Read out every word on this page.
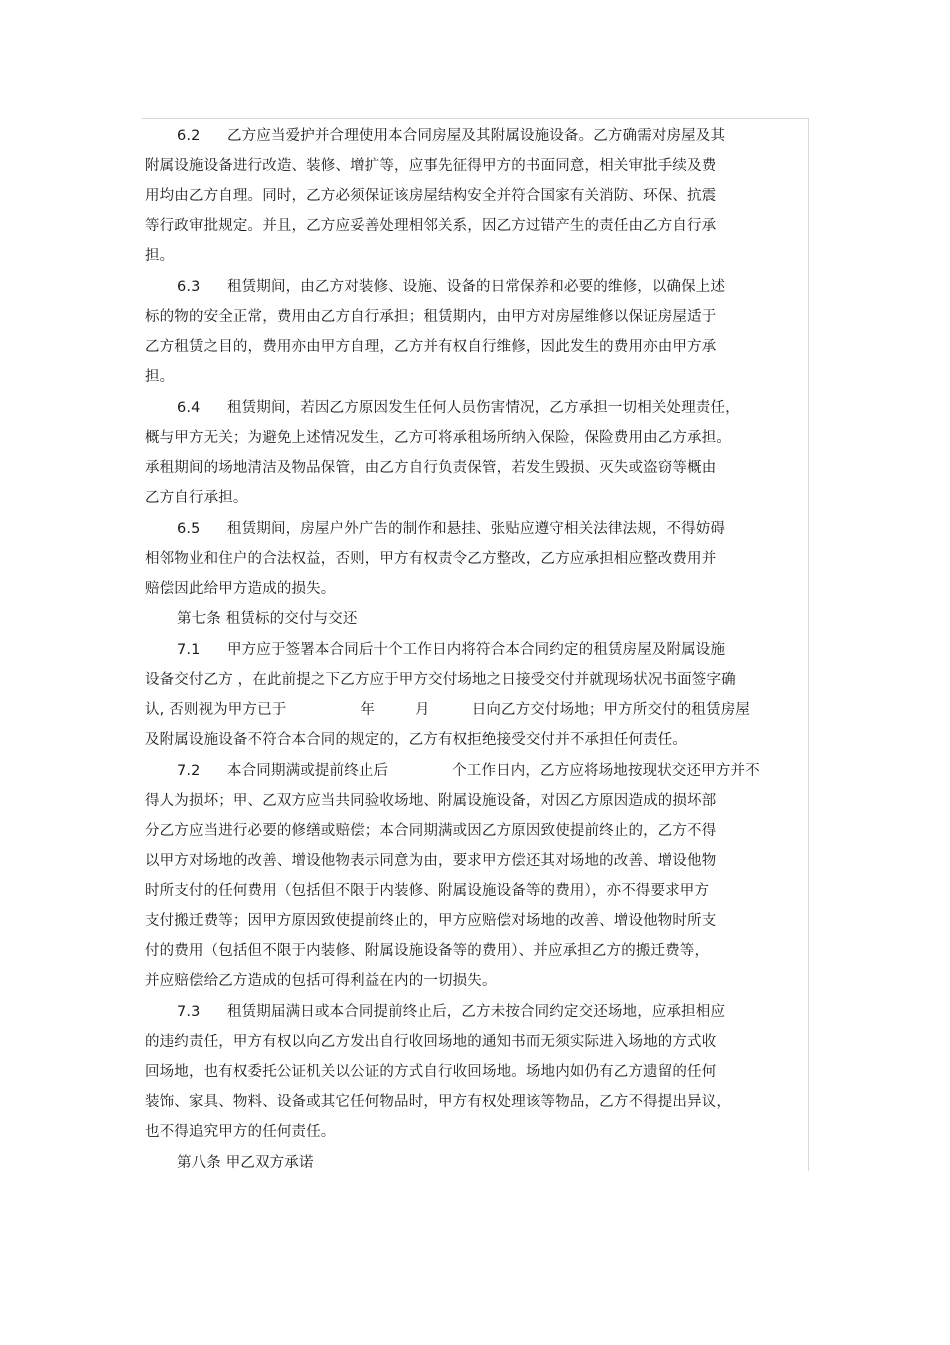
6.2 乙方应当爱护并合理使用本合同房屋及其附属设施设备。乙方确需对房屋及其
附属设施设备进行改造、装修、增扩等，应事先征得甲方的书面同意，相关审批手续及费
用均由乙方自理。同时，乙方必须保证该房屋结构安全并符合国家有关消防、环保、抗震
等行政审批规定。并且，乙方应妥善处理相邻关系，因乙方过错产生的责任由乙方自行承
担。
6.3 租赁期间，由乙方对装修、设施、设备的日常保养和必要的维修，以确保上述
标的物的安全正常，费用由乙方自行承担；租赁期内，由甲方对房屋维修以保证房屋适于
乙方租赁之目的，费用亦由甲方自理，乙方并有权自行维修，因此发生的费用亦由甲方承
担。
6.4 租赁期间，若因乙方原因发生任何人员伤害情况，乙方承担一切相关处理责任，
概与甲方无关；为避免上述情况发生，乙方可将承租场所纳入保险，保险费用由乙方承担。
承租期间的场地清洁及物品保管，由乙方自行负责保管，若发生毁损、灭失或盗窃等概由
乙方自行承担。
6.5 租赁期间，房屋户外广告的制作和悬挂、张贴应遵守相关法律法规，不得妨碍
相邻物业和住户的合法权益，否则，甲方有权责令乙方整改，乙方应承担相应整改费用并
赔偿因此给甲方造成的损失。
第七条 租赁标的交付与交还
7.1 甲方应于签署本合同后十个工作日内将符合本合同约定的租赁房屋及附属设施
设备交付乙方 ，在此前提之下乙方应于甲方交付场地之日接受交付并就现场状况书面签字确
认, 否则视为甲方已于	年	月	日向乙方交付场地；甲方所交付的租赁房屋
及附属设施设备不符合本合同的规定的，乙方有权拒绝接受交付并不承担任何责任。
7.2 本合同期满或提前终止后	个工作日内，乙方应将场地按现状交还甲方并不
得人为损坏；甲、乙双方应当共同验收场地、附属设施设备，对因乙方原因造成的损坏部
分乙方应当进行必要的修缮或赔偿；本合同期满或因乙方原因致使提前终止的，乙方不得
以甲方对场地的改善、增设他物表示同意为由，要求甲方偿还其对场地的改善、增设他物
时所支付的任何费用（包括但不限于内装修、附属设施设备等的费用），亦不得要求甲方
支付搬迁费等；因甲方原因致使提前终止的，甲方应赔偿对场地的改善、增设他物时所支
付的费用（包括但不限于内装修、附属设施设备等的费用）、并应承担乙方的搬迁费等，
并应赔偿给乙方造成的包括可得利益在内的一切损失。
7.3 租赁期届满日或本合同提前终止后，乙方未按合同约定交还场地，应承担相应
的违约责任，甲方有权以向乙方发出自行收回场地的通知书而无须实际进入场地的方式收
回场地，也有权委托公证机关以公证的方式自行收回场地。场地内如仍有乙方遗留的任何
装饰、家具、物料、设备或其它任何物品时，甲方有权处理该等物品，乙方不得提出异议，
也不得追究甲方的任何责任。
第八条 甲乙双方承诺
